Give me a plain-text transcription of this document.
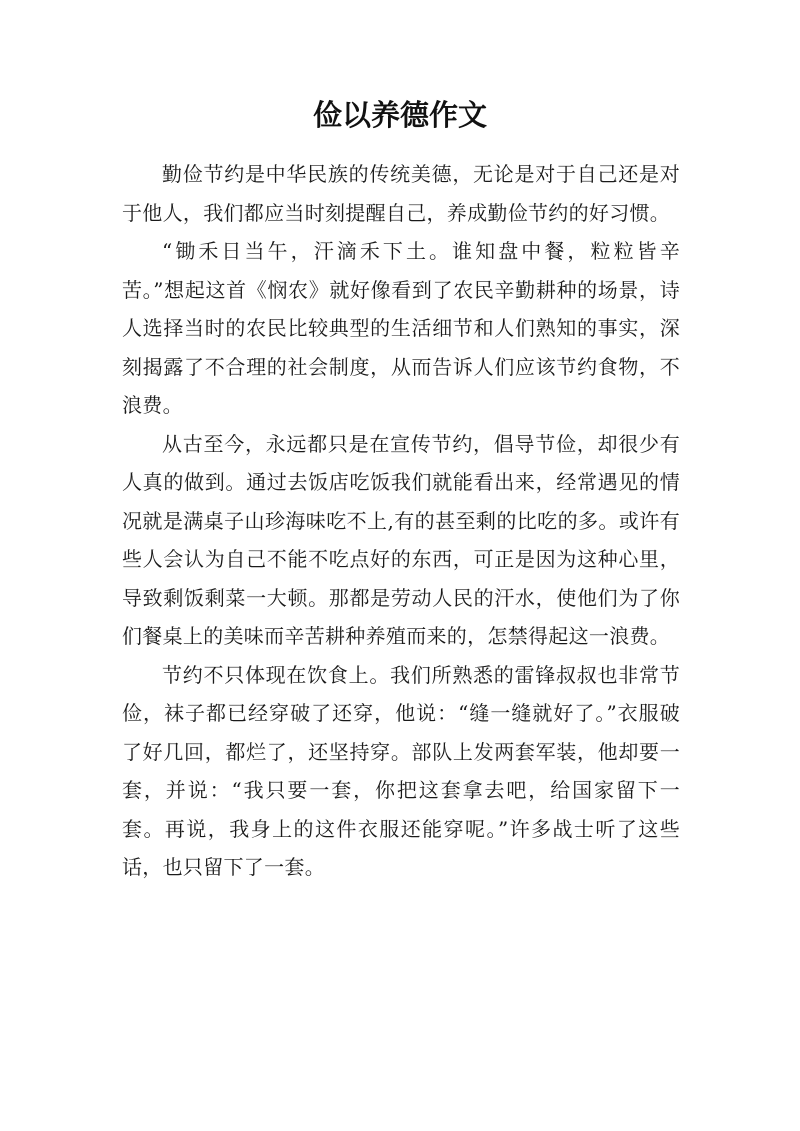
俭以养德作文

勤俭节约是中华民族的传统美德，无论是对于自己还是对于他人，我们都应当时刻提醒自己，养成勤俭节约的好习惯。

“锄禾日当午，汗滴禾下土。谁知盘中餐，粒粒皆辛苦。”想起这首《悯农》就好像看到了农民辛勤耕种的场景，诗人选择当时的农民比较典型的生活细节和人们熟知的事实，深刻揭露了不合理的社会制度，从而告诉人们应该节约食物，不浪费。

从古至今，永远都只是在宣传节约，倡导节俭，却很少有人真的做到。通过去饭店吃饭我们就能看出来，经常遇见的情况就是满桌子山珍海味吃不上,有的甚至剩的比吃的多。或许有些人会认为自己不能不吃点好的东西，可正是因为这种心里，导致剩饭剩菜一大顿。那都是劳动人民的汗水，使他们为了你们餐桌上的美味而辛苦耕种养殖而来的，怎禁得起这一浪费。

节约不只体现在饮食上。我们所熟悉的雷锋叔叔也非常节俭，袜子都已经穿破了还穿，他说：“缝一缝就好了。”衣服破了好几回，都烂了，还坚持穿。部队上发两套军装，他却要一套，并说：“我只要一套，你把这套拿去吧，给国家留下一套。再说，我身上的这件衣服还能穿呢。”许多战士听了这些话，也只留下了一套。
